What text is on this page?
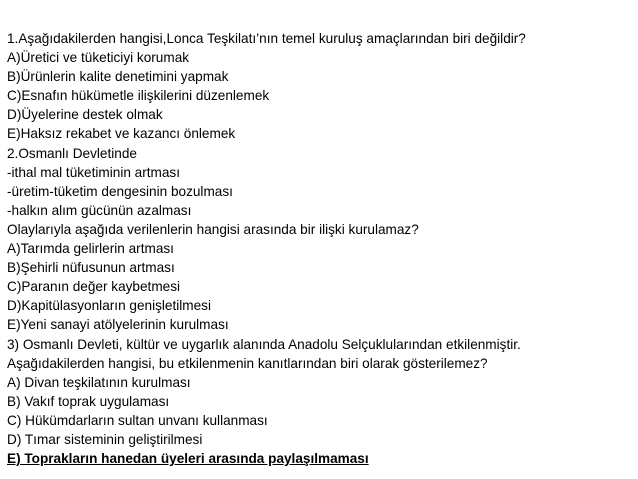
1.Aşağıdakilerden hangisi,Lonca Teşkilatı’nın temel kuruluş amaçlarından biri değildir?
A)Üretici ve tüketiciyi korumak
B)Ürünlerin kalite denetimini yapmak
C)Esnafın hükümetle ilişkilerini düzenlemek
D)Üyelerine destek olmak
E)Haksız rekabet ve kazancı önlemek
2.Osmanlı Devletinde
-ithal mal tüketiminin artması
-üretim-tüketim dengesinin bozulması
-halkın alım gücünün azalması
Olaylarıyla aşağıda verilenlerin hangisi arasında bir ilişki kurulamaz?
A)Tarımda gelirlerin artması
B)Şehirli nüfusunun artması
C)Paranın değer kaybetmesi
D)Kapitülasyonların genişletilmesi
E)Yeni sanayi atölyelerinin kurulması
3) Osmanlı Devleti, kültür ve uygarlık alanında Anadolu Selçuklularından etkilenmiştir.
Aşağıdakilerden hangisi, bu etkilenmenin kanıtlarından biri olarak gösterilemez?
A) Divan teşkilatının kurulması
B) Vakıf toprak uygulaması
C) Hükümdarların sultan unvanı kullanması
D) Tımar sisteminin geliştirilmesi
E) Toprakların hanedan üyeleri arasında paylaşılmaması
